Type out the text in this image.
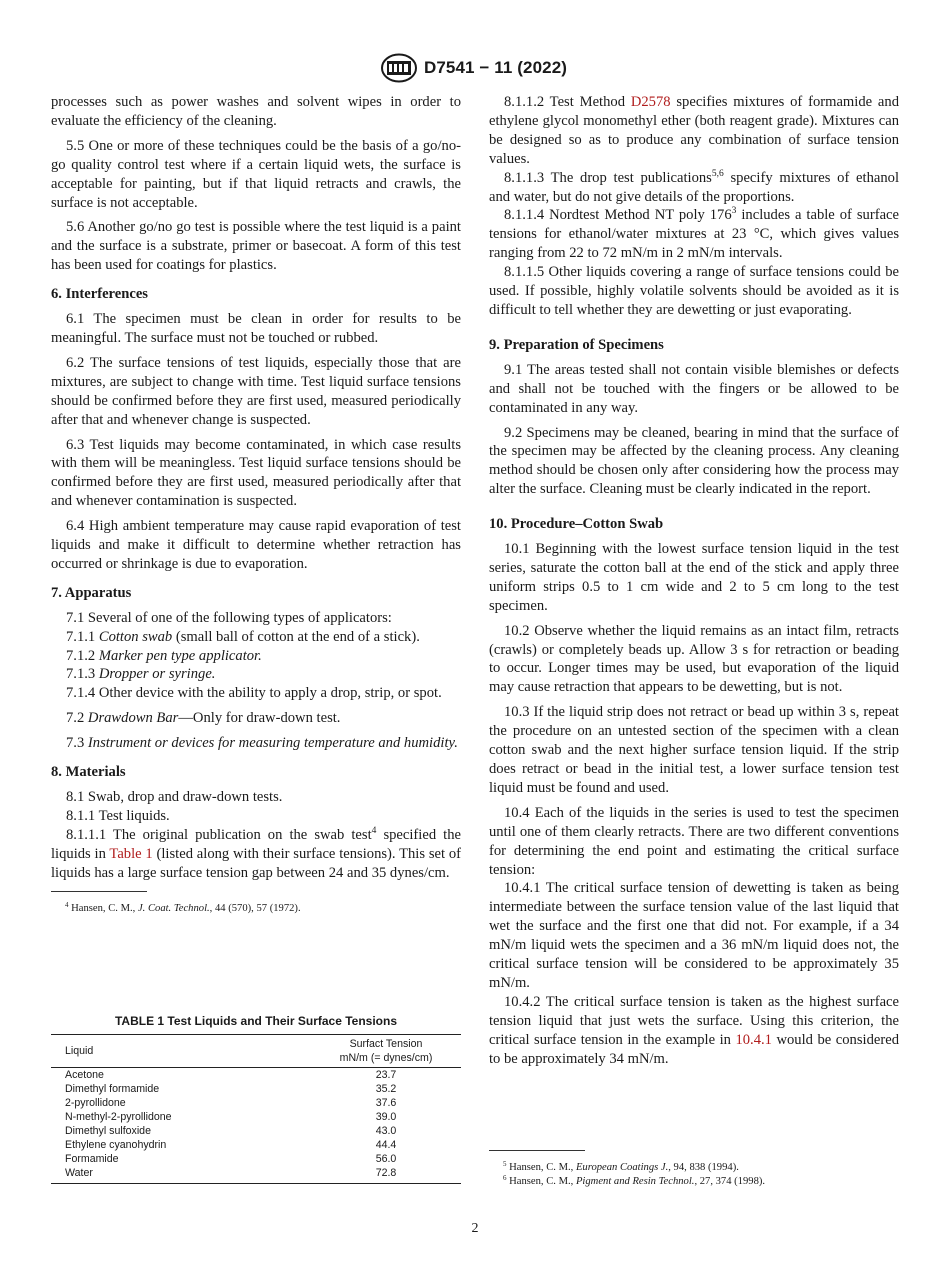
D7541 − 11 (2022)

processes such as power washes and solvent wipes in order to evaluate the efficiency of the cleaning.

5.5 One or more of these techniques could be the basis of a go/no-go quality control test where if a certain liquid wets, the surface is acceptable for painting, but if that liquid retracts and crawls, the surface is not acceptable.

5.6 Another go/no go test is possible where the test liquid is a paint and the surface is a substrate, primer or basecoat. A form of this test has been used for coatings for plastics.

6. Interferences

6.1 The specimen must be clean in order for results to be meaningful. The surface must not be touched or rubbed.

6.2 The surface tensions of test liquids, especially those that are mixtures, are subject to change with time. Test liquid surface tensions should be confirmed before they are first used, measured periodically after that and whenever change is suspected.

6.3 Test liquids may become contaminated, in which case results with them will be meaningless. Test liquid surface tensions should be confirmed before they are first used, measured periodically after that and whenever contamination is suspected.

6.4 High ambient temperature may cause rapid evaporation of test liquids and make it difficult to determine whether retraction has occurred or shrinkage is due to evaporation.

7. Apparatus

7.1 Several of one of the following types of applicators:

7.1.1 Cotton swab (small ball of cotton at the end of a stick).

7.1.2 Marker pen type applicator.

7.1.3 Dropper or syringe.

7.1.4 Other device with the ability to apply a drop, strip, or spot.

7.2 Drawdown Bar—Only for draw-down test.

7.3 Instrument or devices for measuring temperature and humidity.

8. Materials

8.1 Swab, drop and draw-down tests.

8.1.1 Test liquids.

8.1.1.1 The original publication on the swab test$^4$ specified the liquids in Table 1 (listed along with their surface tensions). This set of liquids has a large surface tension gap between 24 and 35 dynes/cm.

$^4$ Hansen, C. M., J. Coat. Technol., 44 (570), 57 (1972).

TABLE 1 Test Liquids and Their Surface Tensions
Liquid	Surfact Tension
mN/m (= dynes/cm)

Acetone	23.7
Dimethyl formamide	35.2
2-pyrollidone	37.6
N-methyl-2-pyrollidone	39.0
Dimethyl sulfoxide	43.0
Ethylene cyanohydrin	44.4
Formamide	56.0
Water	72.8

8.1.1.2 Test Method D2578 specifies mixtures of formamide and ethylene glycol monomethyl ether (both reagent grade). Mixtures can be designed so as to produce any combination of surface tension values.

8.1.1.3 The drop test publications$^{5,6}$ specify mixtures of ethanol and water, but do not give details of the proportions.

8.1.1.4 Nordtest Method NT poly $176^3$ includes a table of surface tensions for ethanol/water mixtures at 23 °C, which gives values ranging from 22 to 72 mN/m in 2 mN/m intervals.

8.1.1.5 Other liquids covering a range of surface tensions could be used. If possible, highly volatile solvents should be avoided as it is difficult to tell whether they are dewetting or just evaporating.

9. Preparation of Specimens

9.1 The areas tested shall not contain visible blemishes or defects and shall not be touched with the fingers or be allowed to be contaminated in any way.

9.2 Specimens may be cleaned, bearing in mind that the surface of the specimen may be affected by the cleaning process. Any cleaning method should be chosen only after considering how the process may alter the surface. Cleaning must be clearly indicated in the report.

10. Procedure–Cotton Swab

10.1 Beginning with the lowest surface tension liquid in the test series, saturate the cotton ball at the end of the stick and apply three uniform strips 0.5 to 1 cm wide and 2 to 5 cm long to the test specimen.

10.2 Observe whether the liquid remains as an intact film, retracts (crawls) or completely beads up. Allow 3 s for retraction or beading to occur. Longer times may be used, but evaporation of the liquid may cause retraction that appears to be dewetting, but is not.

10.3 If the liquid strip does not retract or bead up within 3 s, repeat the procedure on an untested section of the specimen with a clean cotton swab and the next higher surface tension liquid. If the strip does retract or bead in the initial test, a lower surface tension test liquid must be found and used.

10.4 Each of the liquids in the series is used to test the specimen until one of them clearly retracts. There are two different conventions for determining the end point and estimating the critical surface tension:

10.4.1 The critical surface tension of dewetting is taken as being intermediate between the surface tension value of the last liquid that wet the surface and the first one that did not. For example, if a 34 mN/m liquid wets the specimen and a 36 mN/m liquid does not, the critical surface tension will be considered to be approximately 35 mN/m.

10.4.2 The critical surface tension is taken as the highest surface tension liquid that just wets the surface. Using this criterion, the critical surface tension in the example in 10.4.1 would be considered to be approximately 34 mN/m.

$^5$ Hansen, C. M., European Coatings J., 94, 838 (1994).

$^6$ Hansen, C. M., Pigment and Resin Technol., 27, 374 (1998).

2
